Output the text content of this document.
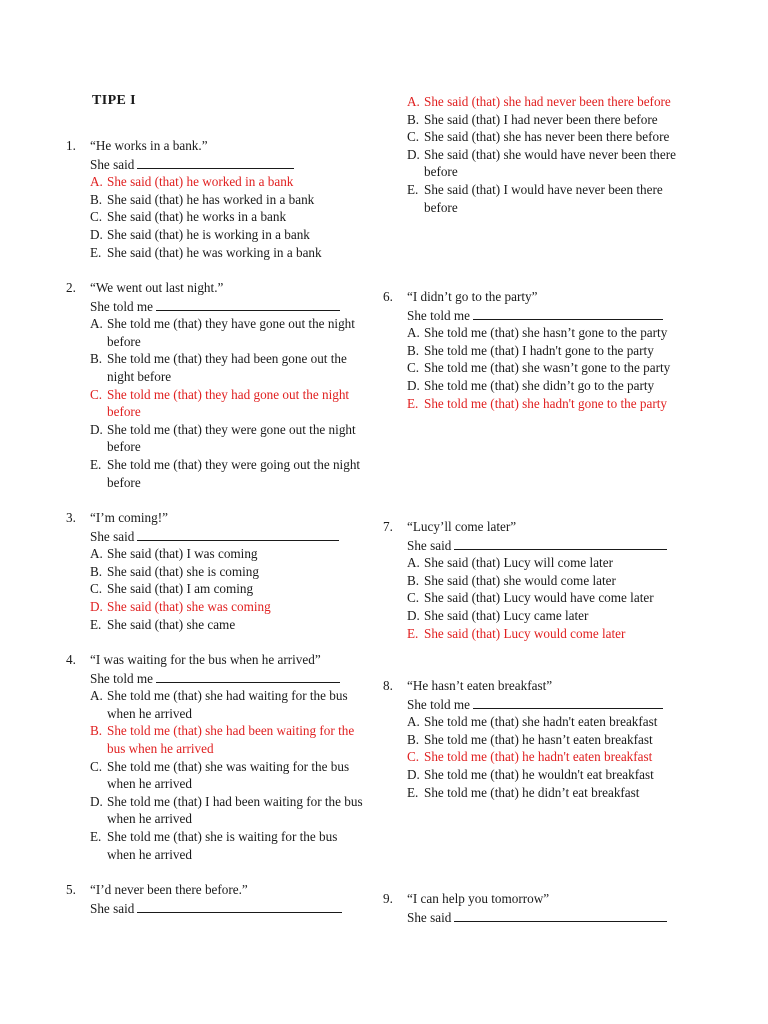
TIPE I
1.	“He works in a bank.”
She said
A. She said (that) he worked in a bank
B. She said (that) he has worked in a bank
C. She said (that) he works in a bank
D. She said (that) he is working in a bank
E. She said (that) he was working in a bank
2.	“We went out last night.”
She told me
A. She told me (that) they have gone out the night before
B. She told me (that) they had been gone out the night before
C. She told me (that) they had gone out the night before
D. She told me (that) they were gone out the night before
E. She told me (that) they were going out the night before
3.	“I’m coming!”
She said
A. She said (that) I was coming
B. She said (that) she is coming
C. She said (that) I am coming
D. She said (that) she was coming
E. She said (that) she came
4.	“I was waiting for the bus when he arrived”
She told me
A. She told me (that) she had waiting for the bus when he arrived
B. She told me (that) she had been waiting for the bus when he arrived
C. She told me (that) she was waiting for the bus when he arrived
D. She told me (that) I had been waiting for the bus when he arrived
E. She told me (that) she is waiting for the bus when he arrived
5.	“I’d never been there before.”
She said
A. She said (that) she had never been there before
B. She said (that) I had never been there before
C. She said (that) she has never been there before
D. She said (that) she would have never been there before
E. She said (that) I would have never been there before
6.	“I didn’t go to the party”
She told me
A. She told me (that) she hasn’t gone to the party
B. She told me (that) I hadn't gone to the party
C. She told me (that) she wasn’t gone to the party
D. She told me (that) she didn’t go to the party
E. She told me (that) she hadn't gone to the party
7.	“Lucy’ll come later”
She said
A. She said (that) Lucy will come later
B. She said (that) she would come later
C. She said (that) Lucy would have come later
D. She said (that) Lucy came later
E. She said (that) Lucy would come later
8.	“He hasn’t eaten breakfast”
She told me
A. She told me (that) she hadn't eaten breakfast
B. She told me (that) he hasn’t eaten breakfast
C. She told me (that) he hadn't eaten breakfast
D. She told me (that) he wouldn't eat breakfast
E. She told me (that) he didn’t eat breakfast
9.	“I can help you tomorrow”
She said
